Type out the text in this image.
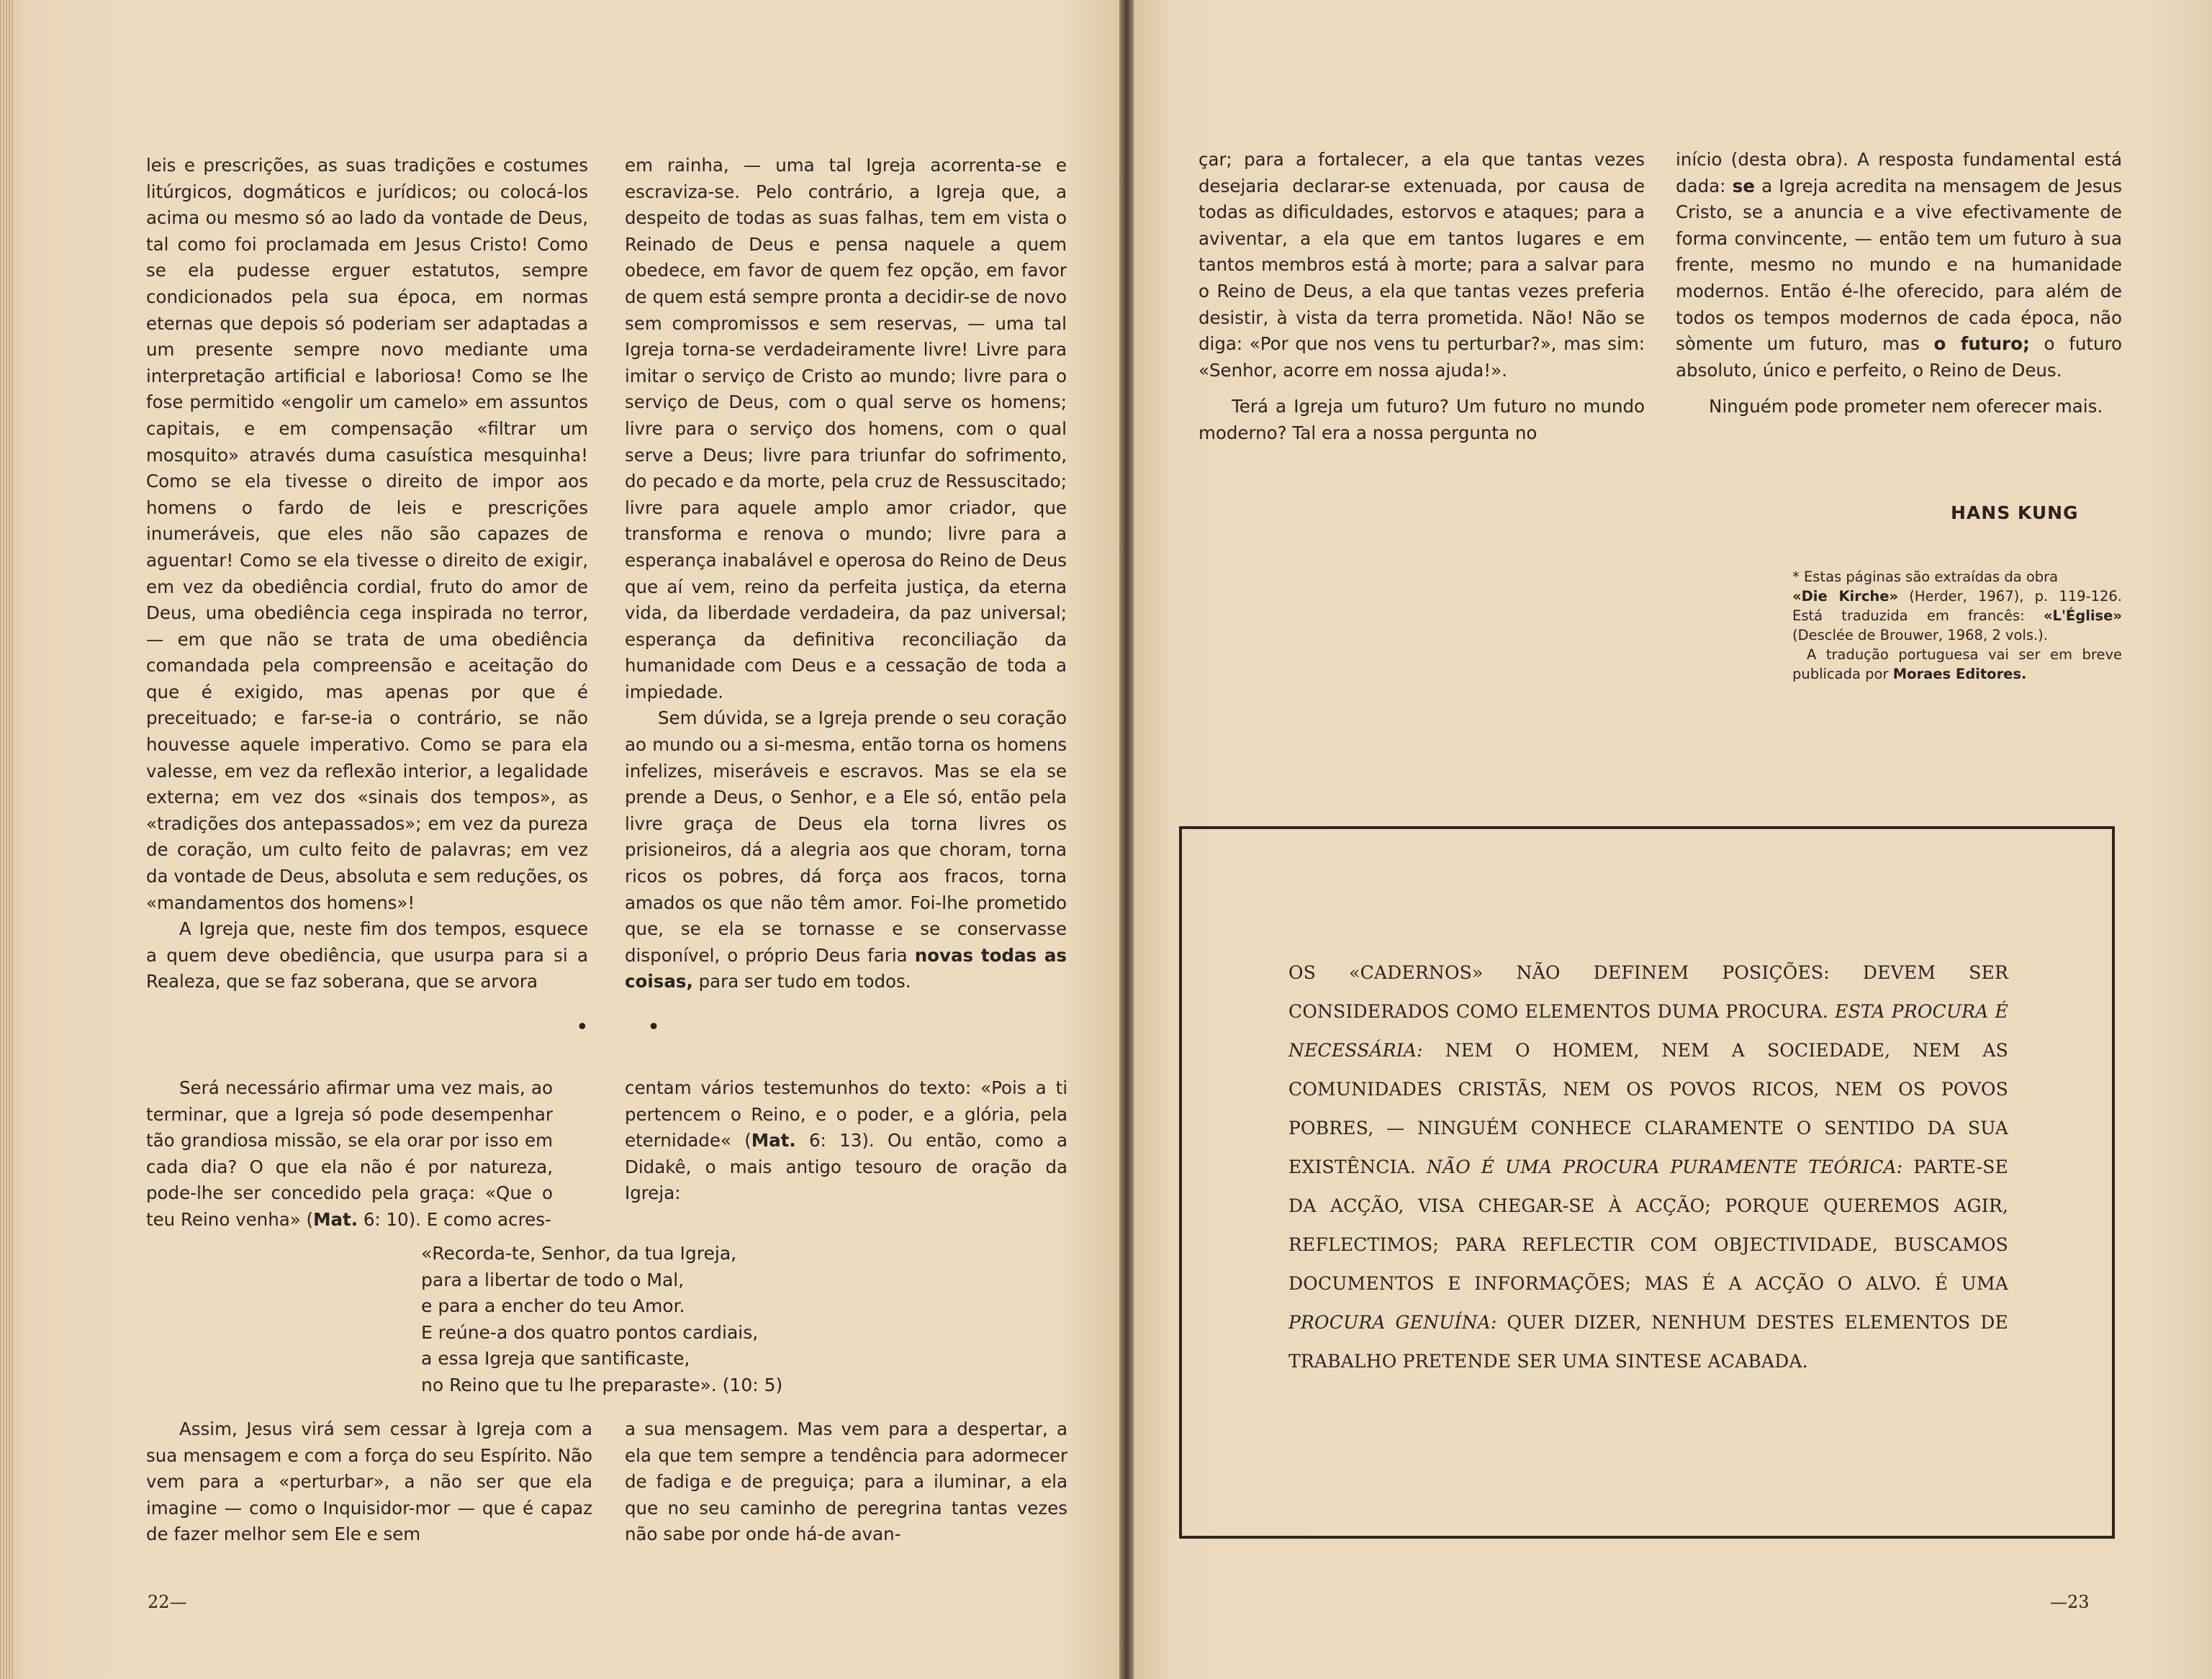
leis e prescrições, as suas tradições e costumes litúrgicos, dogmáticos e jurídicos; ou colocá-los acima ou mesmo só ao lado da vontade de Deus, tal como foi proclamada em Jesus Cristo! Como se ela pudesse erguer estatutos, sempre condicionados pela sua época, em normas eternas que depois só poderiam ser adaptadas a um presente sempre novo mediante uma interpretação artificial e laboriosa! Como se lhe fose permitido «engolir um camelo» em assuntos capitais, e em compensação «filtrar um mosquito» através duma casuística mesquinha! Como se ela tivesse o direito de impor aos homens o fardo de leis e prescrições inumeráveis, que eles não são capazes de aguentar! Como se ela tivesse o direito de exigir, em vez da obediência cordial, fruto do amor de Deus, uma obediência cega inspirada no terror, — em que não se trata de uma obediência comandada pela compreensão e aceitação do que é exigido, mas apenas por que é preceituado; e far-se-ia o contrário, se não houvesse aquele imperativo. Como se para ela valesse, em vez da reflexão interior, a legalidade externa; em vez dos «sinais dos tempos», as «tradições dos antepassados»; em vez da pureza de coração, um culto feito de palavras; em vez da vontade de Deus, absoluta e sem reduções, os «mandamentos dos homens»!

A Igreja que, neste fim dos tempos, esquece a quem deve obediência, que usurpa para si a Realeza, que se faz soberana, que se arvora

em rainha, — uma tal Igreja acorrenta-se e escraviza-se. Pelo contrário, a Igreja que, a despeito de todas as suas falhas, tem em vista o Reinado de Deus e pensa naquele a quem obedece, em favor de quem fez opção, em favor de quem está sempre pronta a decidir-se de novo sem compromissos e sem reservas, — uma tal Igreja torna-se verdadeiramente livre! Livre para imitar o serviço de Cristo ao mundo; livre para o serviço de Deus, com o qual serve os homens; livre para o serviço dos homens, com o qual serve a Deus; livre para triunfar do sofrimento, do pecado e da morte, pela cruz de Ressuscitado; livre para aquele amplo amor criador, que transforma e renova o mundo; livre para a esperança inabalável e operosa do Reino de Deus que aí vem, reino da perfeita justiça, da eterna vida, da liberdade verdadeira, da paz universal; esperança da definitiva reconciliação da humanidade com Deus e a cessação de toda a impiedade.

Sem dúvida, se a Igreja prende o seu coração ao mundo ou a si-mesma, então torna os homens infelizes, miseráveis e escravos. Mas se ela se prende a Deus, o Senhor, e a Ele só, então pela livre graça de Deus ela torna livres os prisioneiros, dá a alegria aos que choram, torna ricos os pobres, dá força aos fracos, torna amados os que não têm amor. Foi-lhe prometido que, se ela se tornasse e se conservasse disponível, o próprio Deus faria novas todas as coisas, para ser tudo em todos.

• •

Será necessário afirmar uma vez mais, ao terminar, que a Igreja só pode desempenhar tão grandiosa missão, se ela orar por isso em cada dia? O que ela não é por natureza, pode-lhe ser concedido pela graça: «Que o teu Reino venha» (Mat. 6: 10). E como acres-

centam vários testemunhos do texto: «Pois a ti pertencem o Reino, e o poder, e a glória, pela eternidade« (Mat. 6: 13). Ou então, como a Didakê, o mais antigo tesouro de oração da Igreja:

«Recorda-te, Senhor, da tua Igreja,
para a libertar de todo o Mal,
e para a encher do teu Amor.
E reúne-a dos quatro pontos cardiais,
a essa Igreja que santificaste,
no Reino que tu lhe preparaste». (10: 5)

Assim, Jesus virá sem cessar à Igreja com a sua mensagem e com a força do seu Espírito. Não vem para a «perturbar», a não ser que ela imagine — como o Inquisidor-mor — que é capaz de fazer melhor sem Ele e sem

a sua mensagem. Mas vem para a despertar, a ela que tem sempre a tendência para adormecer de fadiga e de preguiça; para a iluminar, a ela que no seu caminho de peregrina tantas vezes não sabe por onde há-de avan-

22—

çar; para a fortalecer, a ela que tantas vezes desejaria declarar-se extenuada, por causa de todas as dificuldades, estorvos e ataques; para a aviventar, a ela que em tantos lugares e em tantos membros está à morte; para a salvar para o Reino de Deus, a ela que tantas vezes preferia desistir, à vista da terra prometida. Não! Não se diga: «Por que nos vens tu perturbar?», mas sim: «Senhor, acorre em nossa ajuda!».

Terá a Igreja um futuro? Um futuro no mundo moderno? Tal era a nossa pergunta no

início (desta obra). A resposta fundamental está dada: se a Igreja acredita na mensagem de Jesus Cristo, se a anuncia e a vive efectivamente de forma convincente, — então tem um futuro à sua frente, mesmo no mundo e na humanidade modernos. Então é-lhe oferecido, para além de todos os tempos modernos de cada época, não sòmente um futuro, mas o futuro; o futuro absoluto, único e perfeito, o Reino de Deus.

Ninguém pode prometer nem oferecer mais.

HANS KUNG
* Estas páginas são extraídas da obra
«Die Kirche» (Herder, 1967), p. 119-126. Está traduzida em francês: «L'Église» (Desclée de Brouwer, 1968, 2 vols.).
A tradução portuguesa vai ser em breve publicada por Moraes Editores.
OS «CADERNOS» NÃO DEFINEM POSIÇÕES: DEVEM SER CONSIDERADOS COMO ELEMENTOS DUMA PROCURA. ESTA PROCURA É NECESSÁRIA: NEM O HOMEM, NEM A SOCIEDADE, NEM AS COMUNIDADES CRISTÃS, NEM OS POVOS RICOS, NEM OS POVOS POBRES, — NINGUÉM CONHECE CLARAMENTE O SENTIDO DA SUA EXISTÊNCIA. NÃO É UMA PROCURA PURAMENTE TEÓRICA: PARTE-SE DA ACÇÃO, VISA CHEGAR-SE À ACÇÃO; PORQUE QUEREMOS AGIR, REFLECTIMOS; PARA REFLECTIR COM OBJECTIVIDADE, BUSCAMOS DOCUMENTOS E INFORMAÇÕES; MAS É A ACÇÃO O ALVO. É UMA PROCURA GENUÍNA: QUER DIZER, NENHUM DESTES ELEMENTOS DE TRABALHO PRETENDE SER UMA SINTESE ACABADA.
—23
